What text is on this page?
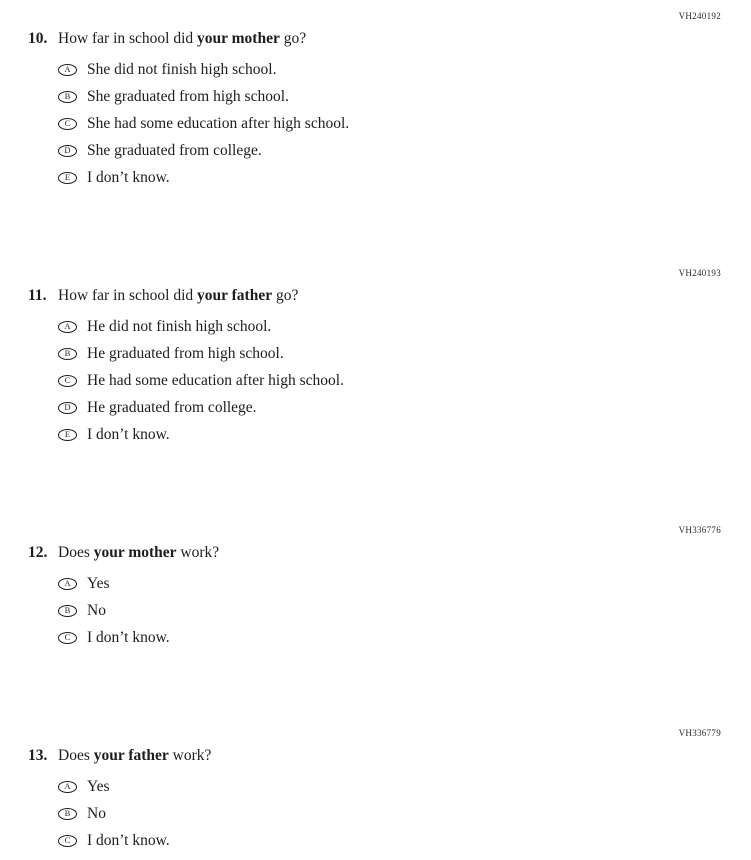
VH240192
10. How far in school did your mother go?
A	She did not finish high school.
B	She graduated from high school.
C	She had some education after high school.
D	She graduated from college.
E	I don’t know.
VH240193
11. How far in school did your father go?
A	He did not finish high school.
B	He graduated from high school.
C	He had some education after high school.
D	He graduated from college.
E	I don’t know.
VH336776
12. Does your mother work?
A	Yes
B	No
C	I don’t know.
VH336779
13. Does your father work?
A	Yes
B	No
C	I don’t know.
